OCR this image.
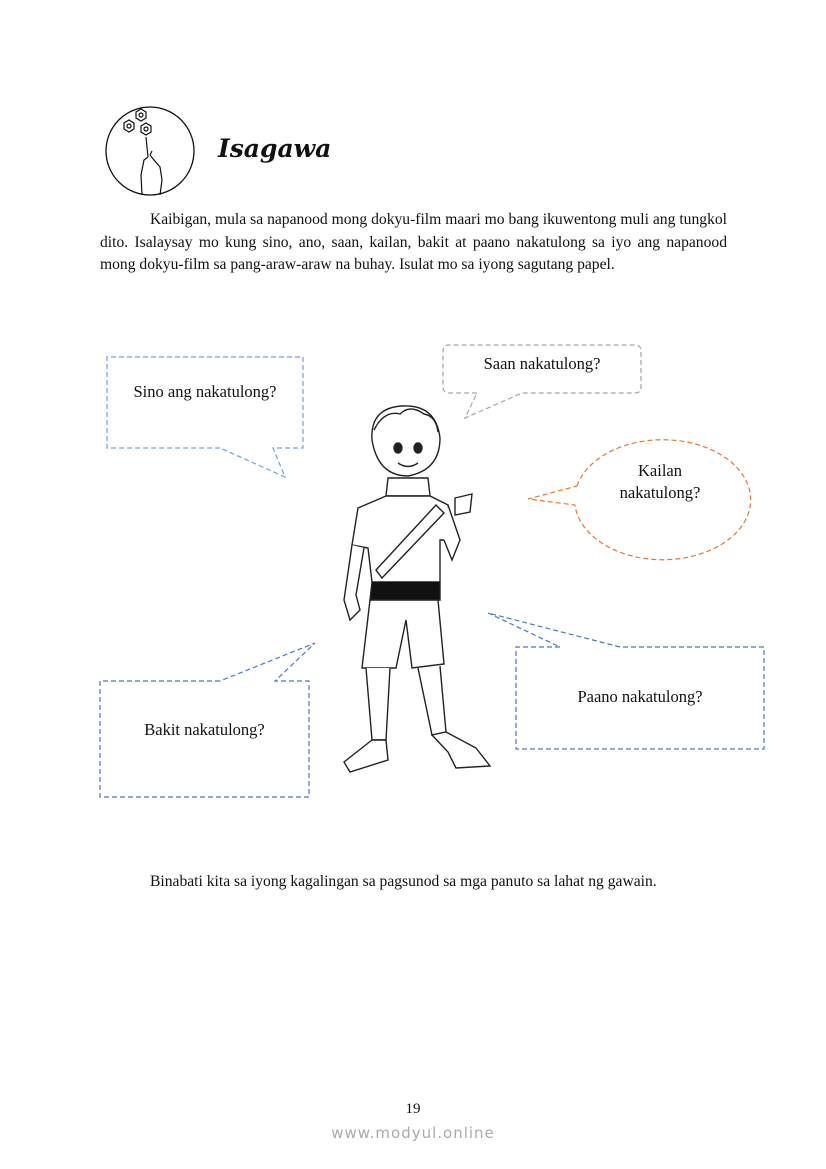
Isagawa
Kaibigan, mula sa napanood mong dokyu-film maari mo bang ikuwentong muli ang tungkol dito. Isalaysay mo kung sino, ano, saan, kailan, bakit at paano nakatulong sa iyo ang napanood mong dokyu-film sa pang-araw-araw na buhay. Isulat mo sa iyong sagutang papel.
Sino ang nakatulong?
Saan nakatulong?
Kailan nakatulong?
Paano nakatulong?
Bakit nakatulong?
Binabati kita sa iyong kagalingan sa pagsunod sa mga panuto sa lahat ng gawain.
19
www.modyul.online
